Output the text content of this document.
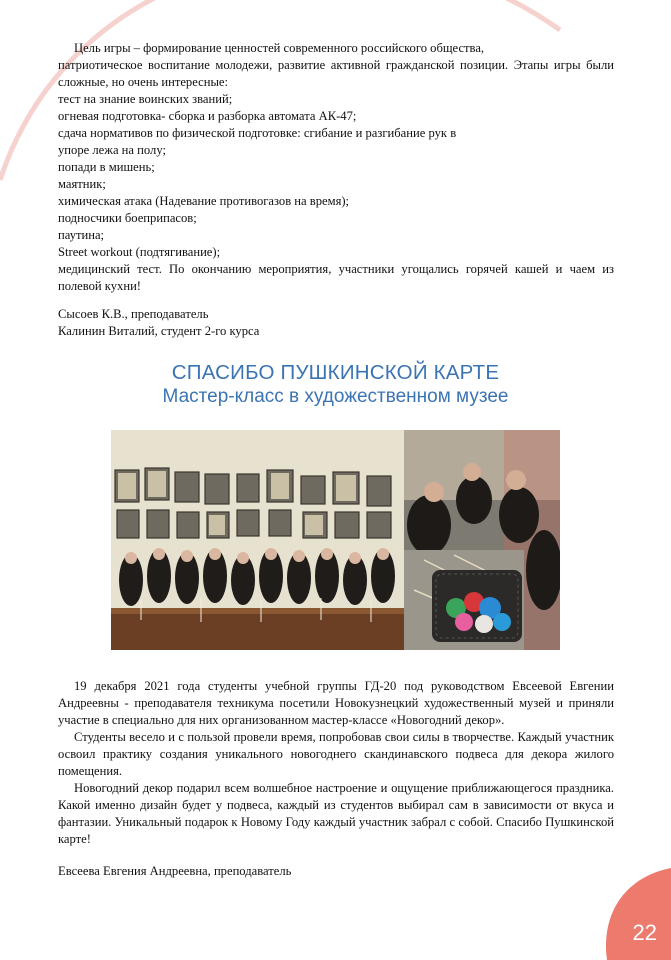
Цель игры – формирование ценностей современного российского общества,
патриотическое воспитание молодежи, развитие активной гражданской позиции. Этапы игры были
сложные, но очень интересные:
тест на знание воинских званий;
огневая подготовка- сборка и разборка автомата АК-47;
сдача нормативов по физической подготовке: сгибание и разгибание рук в
упоре лежа на полу;
попади в мишень;
маятник;
химическая атака (Надевание противогазов на время);
подносчики боеприпасов;
паутина;
Street workout (подтягивание);
медицинский тест. По окончанию мероприятия, участники угощались горячей кашей и чаем из
полевой кухни!
Сысоев К.В., преподаватель
Калинин Виталий, студент 2-го курса
СПАСИБО ПУШКИНСКОЙ КАРТЕ
Мастер-класс в художественном музее

19 декабря 2021 года студенты учебной группы ГД-20 под руководством Евсеевой Евгении Андреевны - преподавателя техникума посетили Новокузнецкий художественный музей и приняли участие в специально для них организованном мастер-классе «Новогодний декор».

Студенты весело и с пользой провели время, попробовав свои силы в творчестве. Каждый участник освоил практику создания уникального новогоднего скандинавского подвеса для декора жилого помещения.

Новогодний декор подарил всем волшебное настроение и ощущение приближающегося праздника. Какой именно дизайн будет у подвеса, каждый из студентов выбирал сам в зависимости от вкуса и фантазии. Уникальный подарок к Новому Году каждый участник забрал с собой. Спасибо Пушкинской карте!

Евсеева Евгения Андреевна, преподаватель
22
